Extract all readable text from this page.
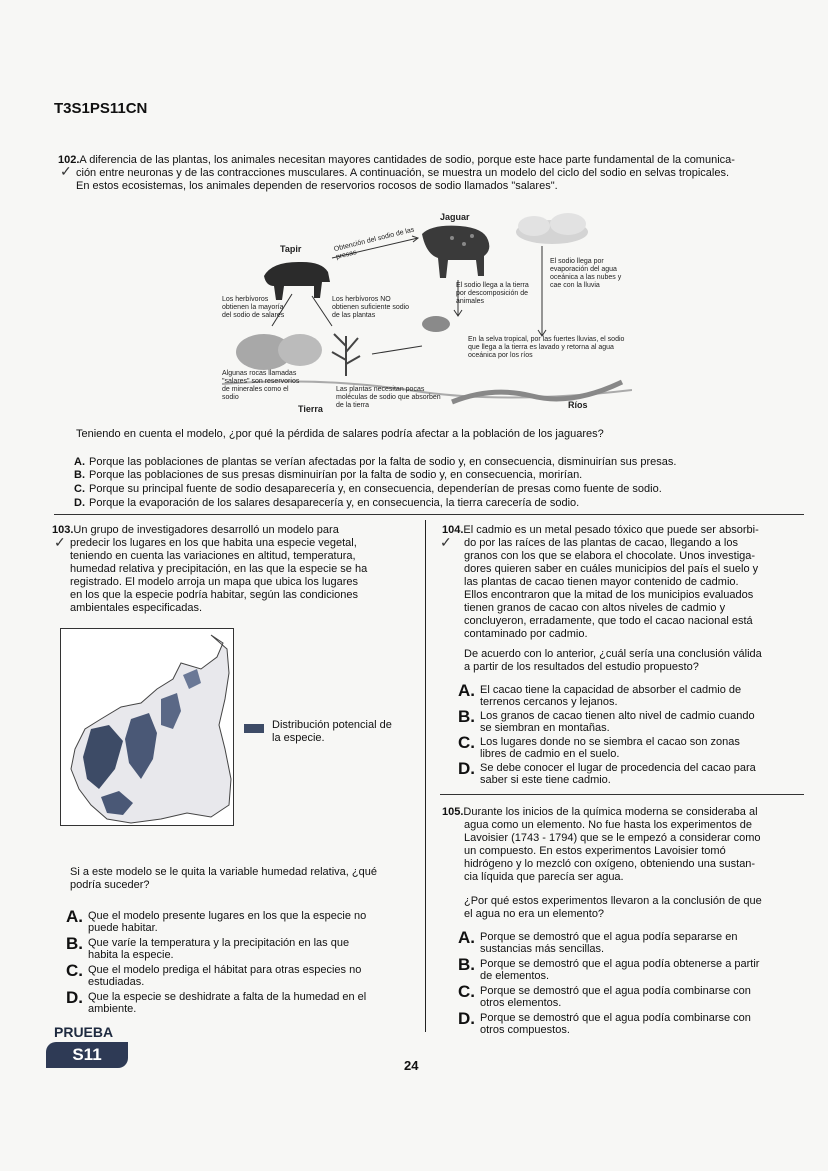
T3S1PS11CN
102.A diferencia de las plantas, los animales necesitan mayores cantidades de sodio, porque este hace parte fundamental de la comunica-
✓ ción entre neuronas y de las contracciones musculares. A continuación, se muestra un modelo del ciclo del sodio en selvas tropicales.
En estos ecosistemas, los animales dependen de reservorios rocosos de sodio llamados "salares".
Jaguar
Tapir	Obtención del sodio de las presas
Los herbívoros obtienen la mayoría del sodio de salares
Los herbívoros NO obtienen suficiente sodio de las plantas
El sodio llega a la tierra por descomposición de animales
El sodio llega por evaporación del agua oceánica a las nubes y cae con la lluvia
En la selva tropical, por las fuertes lluvias, el sodio que llega a la tierra es lavado y retorna al agua oceánica por los ríos
Algunas rocas llamadas "salares" son reservorios de minerales como el sodio
Las plantas necesitan pocas moléculas de sodio que absorben de la tierra
Tierra	Ríos
Teniendo en cuenta el modelo, ¿por qué la pérdida de salares podría afectar a la población de los jaguares?
A. Porque las poblaciones de plantas se verían afectadas por la falta de sodio y, en consecuencia, disminuirían sus presas.
B. Porque las poblaciones de sus presas disminuirían por la falta de sodio y, en consecuencia, morirían.
C. Porque su principal fuente de sodio desaparecería y, en consecuencia, dependerían de presas como fuente de sodio.
D. Porque la evaporación de los salares desaparecería y, en consecuencia, la tierra carecería de sodio.
103.Un grupo de investigadores desarrolló un modelo para
predecir los lugares en los que habita una especie vegetal,
teniendo en cuenta las variaciones en altitud, temperatura,
humedad relativa y precipitación, en las que la especie se ha
registrado. El modelo arroja un mapa que ubica los lugares
en los que la especie podría habitar, según las condiciones
ambientales especificadas.
✓
Distribución potencial de la especie.
Si a este modelo se le quita la variable humedad relativa, ¿qué podría suceder?
A. Que el modelo presente lugares en los que la especie no
puede habitar.
B. Que varíe la temperatura y la precipitación en las que
habita la especie.
C. Que el modelo prediga el hábitat para otras especies no
estudiadas.
D. Que la especie se deshidrate a falta de la humedad en el
ambiente.
104.El cadmio es un metal pesado tóxico que puede ser absorbi-
do por las raíces de las plantas de cacao, llegando a los
granos con los que se elabora el chocolate. Unos investiga-
dores quieren saber en cuáles municipios del país el suelo y
las plantas de cacao tienen mayor contenido de cadmio.
Ellos encontraron que la mitad de los municipios evaluados
tienen granos de cacao con altos niveles de cadmio y
concluyeron, erradamente, que todo el cacao nacional está
contaminado por cadmio.
✓
De acuerdo con lo anterior, ¿cuál sería una conclusión válida
a partir de los resultados del estudio propuesto?
A. El cacao tiene la capacidad de absorber el cadmio de
terrenos cercanos y lejanos.
B. Los granos de cacao tienen alto nivel de cadmio cuando
se siembran en montañas.
C. Los lugares donde no se siembra el cacao son zonas
libres de cadmio en el suelo.
D. Se debe conocer el lugar de procedencia del cacao para
saber si este tiene cadmio.
105.Durante los inicios de la química moderna se consideraba al
agua como un elemento. No fue hasta los experimentos de
Lavoisier (1743 - 1794) que se le empezó a considerar como
un compuesto. En estos experimentos Lavoisier tomó
hidrógeno y lo mezcló con oxígeno, obteniendo una sustan-
cia líquida que parecía ser agua.
¿Por qué estos experimentos llevaron a la conclusión de que
el agua no era un elemento?
A. Porque se demostró que el agua podía separarse en
sustancias más sencillas.
B. Porque se demostró que el agua podía obtenerse a partir
de elementos.
C. Porque se demostró que el agua podía combinarse con
otros elementos.
D. Porque se demostró que el agua podía combinarse con
otros compuestos.
PRUEBA
S11
24
